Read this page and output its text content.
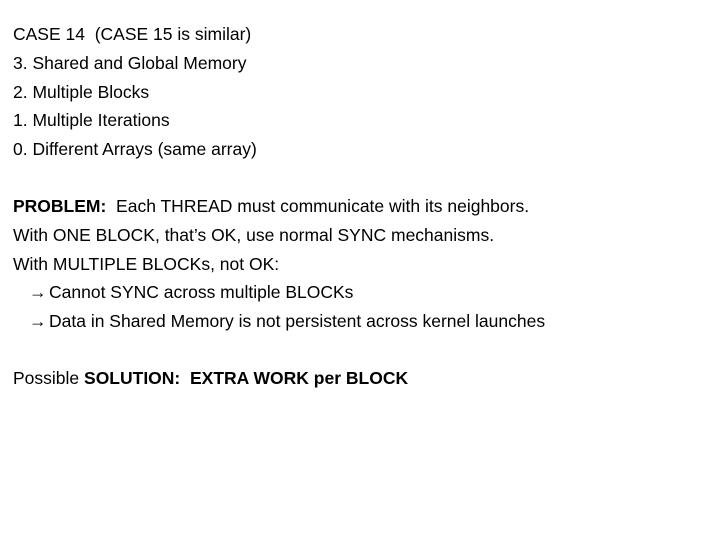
CASE 14  (CASE 15 is similar)
3. Shared and Global Memory
2. Multiple Blocks
1. Multiple Iterations
0. Different Arrays (same array)
PROBLEM:  Each THREAD must communicate with its neighbors.
With ONE BLOCK, that’s OK, use normal SYNC mechanisms.
With MULTIPLE BLOCKs, not OK:
→ Cannot SYNC across multiple BLOCKs
→ Data in Shared Memory is not persistent across kernel launches
Possible SOLUTION:  EXTRA WORK per BLOCK
